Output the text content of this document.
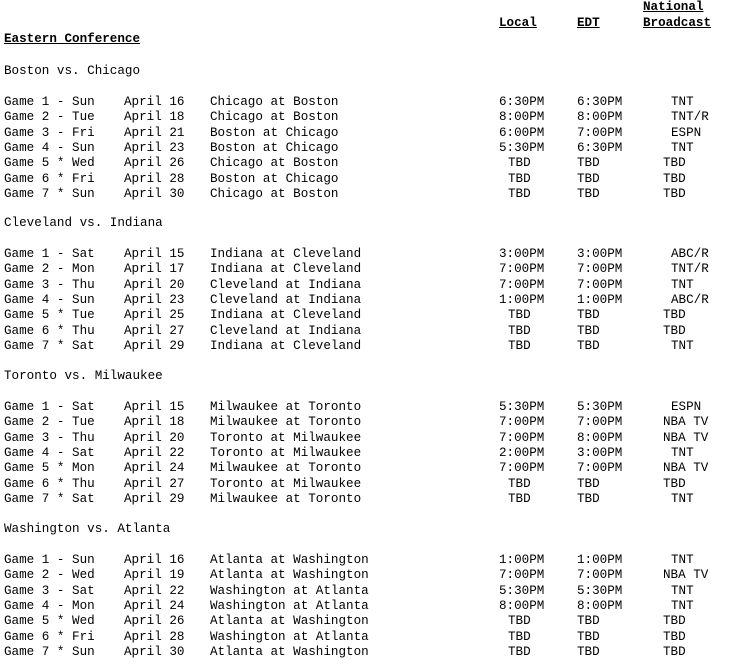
National
Local	EDT	Broadcast
Eastern Conference
Boston vs. Chicago
Game 1 - Sun April 16 Chicago at Boston	6:30PM	6:30PM	TNT
Game 2 - Tue April 18 Chicago at Boston	8:00PM	8:00PM	TNT/R
Game 3 - Fri April 21 Boston at Chicago	6:00PM	7:00PM	ESPN
Game 4 - Sun April 23 Boston at Chicago	5:30PM	6:30PM	TNT
Game 5 * Wed April 26 Chicago at Boston	TBD	TBD	TBD
Game 6 * Fri April 28 Boston at Chicago	TBD	TBD	TBD
Game 7 * Sun April 30 Chicago at Boston	TBD	TBD	TBD
Cleveland vs. Indiana
Game 1 - Sat April 15 Indiana at Cleveland	3:00PM	3:00PM	ABC/R
Game 2 - Mon April 17 Indiana at Cleveland	7:00PM	7:00PM	TNT/R
Game 3 - Thu April 20 Cleveland at Indiana	7:00PM	7:00PM	TNT
Game 4 - Sun April 23 Cleveland at Indiana	1:00PM	1:00PM	ABC/R
Game 5 * Tue April 25 Indiana at Cleveland	TBD	TBD	TBD
Game 6 * Thu April 27 Cleveland at Indiana	TBD	TBD	TBD
Game 7 * Sat April 29 Indiana at Cleveland	TBD	TBD	TNT
Toronto vs. Milwaukee
Game 1 - Sat April 15 Milwaukee at Toronto	5:30PM	5:30PM	ESPN
Game 2 - Tue April 18 Milwaukee at Toronto	7:00PM	7:00PM	NBA TV
Game 3 - Thu April 20 Toronto at Milwaukee	7:00PM	8:00PM	NBA TV
Game 4 - Sat April 22 Toronto at Milwaukee	2:00PM	3:00PM	TNT
Game 5 * Mon April 24 Milwaukee at Toronto	7:00PM	7:00PM	NBA TV
Game 6 * Thu April 27 Toronto at Milwaukee	TBD	TBD	TBD
Game 7 * Sat April 29 Milwaukee at Toronto	TBD	TBD	TNT
Washington vs. Atlanta
Game 1 - Sun April 16 Atlanta at Washington	1:00PM	1:00PM	TNT
Game 2 - Wed April 19 Atlanta at Washington	7:00PM	7:00PM	NBA TV
Game 3 - Sat April 22 Washington at Atlanta	5:30PM	5:30PM	TNT
Game 4 - Mon April 24 Washington at Atlanta	8:00PM	8:00PM	TNT
Game 5 * Wed April 26 Atlanta at Washington	TBD	TBD	TBD
Game 6 * Fri April 28 Washington at Atlanta	TBD	TBD	TBD
Game 7 * Sun April 30 Atlanta at Washington	TBD	TBD	TBD
